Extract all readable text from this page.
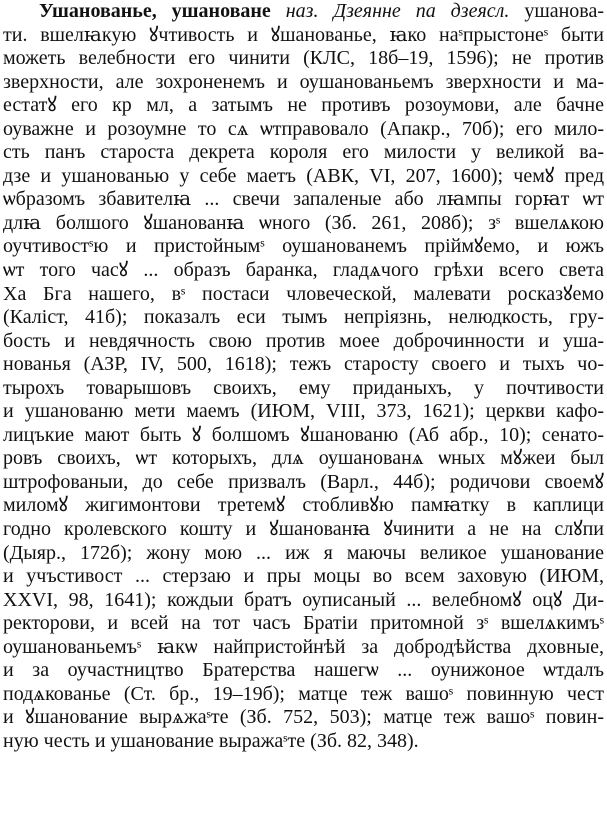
Ушанованье, ушановане наз. Дзеянне па дзеясл. ушанова-
ти. вшелꙗкую ꙋчтивость и ꙋшанованье, ꙗко наˢпрыстонеˢ быти
можеть велебности его чинити (КЛС, 18б–19, 1596); не против
зверхности, але зохроненемъ и оушанованьемъ зверхности и ма-
естатꙋ его кр мл, а затымъ не противъ розоумови, але бачне
оуважне и розоумне то сѧ ѡтправовало (Апакр., 70б); его мило-
сть панъ староста декрета короля его милости у великой ва-
дзе и ушанованью у себе маетъ (АВК, VI, 207, 1600); чемꙋ пред
ѡбразомъ збавителꙗ ... свечи запаленые або лꙗмпы горꙗт ѡт
длꙗ болшого ꙋшанованꙗ ѡного (Зб. 261, 208б); зˢ вшелѧкою
оучтивостˢю и пристойнымˢ оушанованемъ пріймꙋемо, и южъ
ѡт того часꙋ ... образъ баранка, гладѧчого грѣхи всего света
Ха Бга нашего, вˢ постаси чловеческой, малевати росказꙋемо
(Каліст, 41б); показалъ еси тымъ непріязнь, нелюдкость, гру-
бость и невдячность свою против моее доброчинности и уша-
нованья (АЗР, IV, 500, 1618); тежъ старосту своего и тыхъ чо-
тырохъ товарышовъ своихъ, ему приданыхъ, у почтивости
и ушанованю мети маемъ (ИЮМ, VIII, 373, 1621); церкви кафо-
лицъкие мают быть ꙋ болшомъ ꙋшанованю (Аб абр., 10); сенато-
ровъ своихъ, ѡт которыхъ, длѧ оушанованѧ ѡных мꙋжеи был
штрофованыи, до себе призвалъ (Варл., 44б); родичови своемꙋ
миломꙋ жигимонтови третемꙋ стобливꙋю памꙗтку в каплици
годно кролевского кошту и ꙋшанованꙗ ꙋчинити а не на слꙋпи
(Дыяр., 172б); жону мою ... иж я маючы великое ушанование
и учъстивост ... стерзаю и пры моцы во всем заховую (ИЮМ,
XXVI, 98, 1641); кождыи братъ оуписаный ... велебномꙋ оцꙋ Ди-
ректорови, и всей на тот часъ Братіи притомной зˢ вшелѧкимъˢ
оушанованьемъˢ ꙗкѡ найпристойнѣй за добродѣйства дховные,
и за оучастництво Братерства нашегѡ ... оунижоное ѡтдалъ
подѧкованье (Ст. бр., 19–19б); матце теж вашоˢ повинную чест
и ꙋшанование вырѧжаˢте (Зб. 752, 503); матце теж вашоˢ повин-
ную честь и ушанование выражаˢте (Зб. 82, 348).
